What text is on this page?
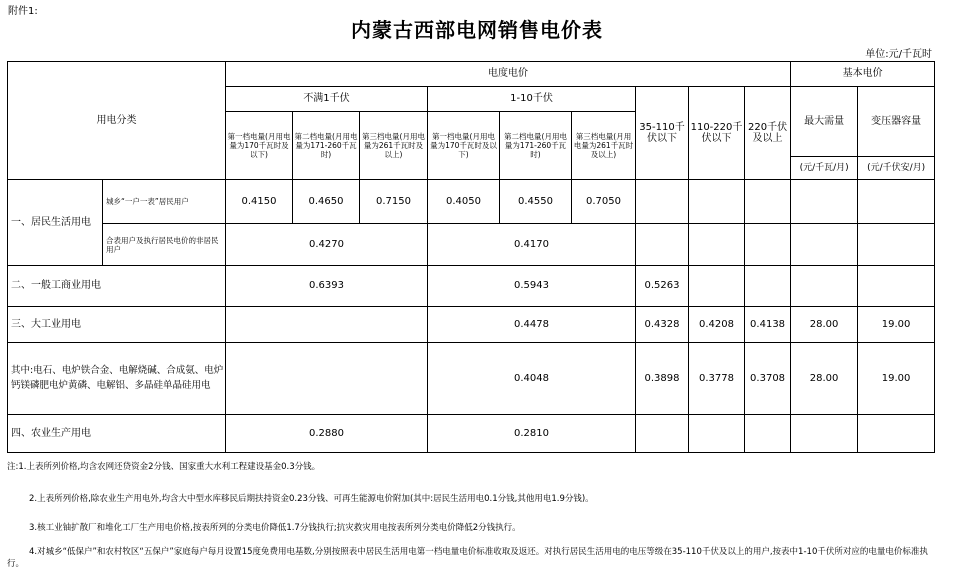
附件1:
内蒙古西部电网销售电价表
单位:元/千瓦时
用电分类		电度电价									基本电价	
		不满1千伏			1-10千伏			35-110千伏以下	110-220千伏以下	220千伏及以上	最大需量	变压器容量
		第一档电量(月用电量为170千瓦时及以下)	第二档电量(月用电量为171-260千瓦时)	第三档电量(月用电量为261千瓦时及以上)	第一档电量(月用电量为170千瓦时及以下)	第二档电量(月用电量为171-260千瓦时)	第三档电量(月用电量为261千瓦时及以上)					
											(元/千瓦/月)	(元/千伏安/月)
一、居民生活用电	城乡“一户一表”居民用户	0.4150	0.4650	0.7150	0.4050	0.4550	0.7050					
	合表用户及执行居民电价的非居民用户	0.4270			0.4170							
二、一般工商业用电		0.6393			0.5943			0.5263				
三、大工业用电					0.4478			0.4328	0.4208	0.4138	28.00	19.00
其中:电石、电炉铁合金、电解烧碱、合成氨、电炉钙镁磷肥电炉黄磷、电解铝、多晶硅单晶硅用电					0.4048			0.3898	0.3778	0.3708	28.00	19.00
四、农业生产用电		0.2880			0.2810							
注:1.上表所列价格,均含农网还贷资金2分钱、国家重大水利工程建设基金0.3分钱。
2.上表所列价格,除农业生产用电外,均含大中型水库移民后期扶持资金0.23分钱、可再生能源电价附加(其中:居民生活用电0.1分钱,其他用电1.9分钱)。
3.核工业铀扩散厂和堆化工厂生产用电价格,按表所列的分类电价降低1.7分钱执行;抗灾救灾用电按表所列分类电价降低2分钱执行。
4.对城乡“低保户”和农村牧区“五保户”家庭每户每月设置15度免费用电基数,分别按照表中居民生活用电第一档电量电价标准收取及返还。对执行居民生活用电的电压等级在35-110千伏及以上的用户,按表中1-10千伏所对应的电量电价标准执行。
